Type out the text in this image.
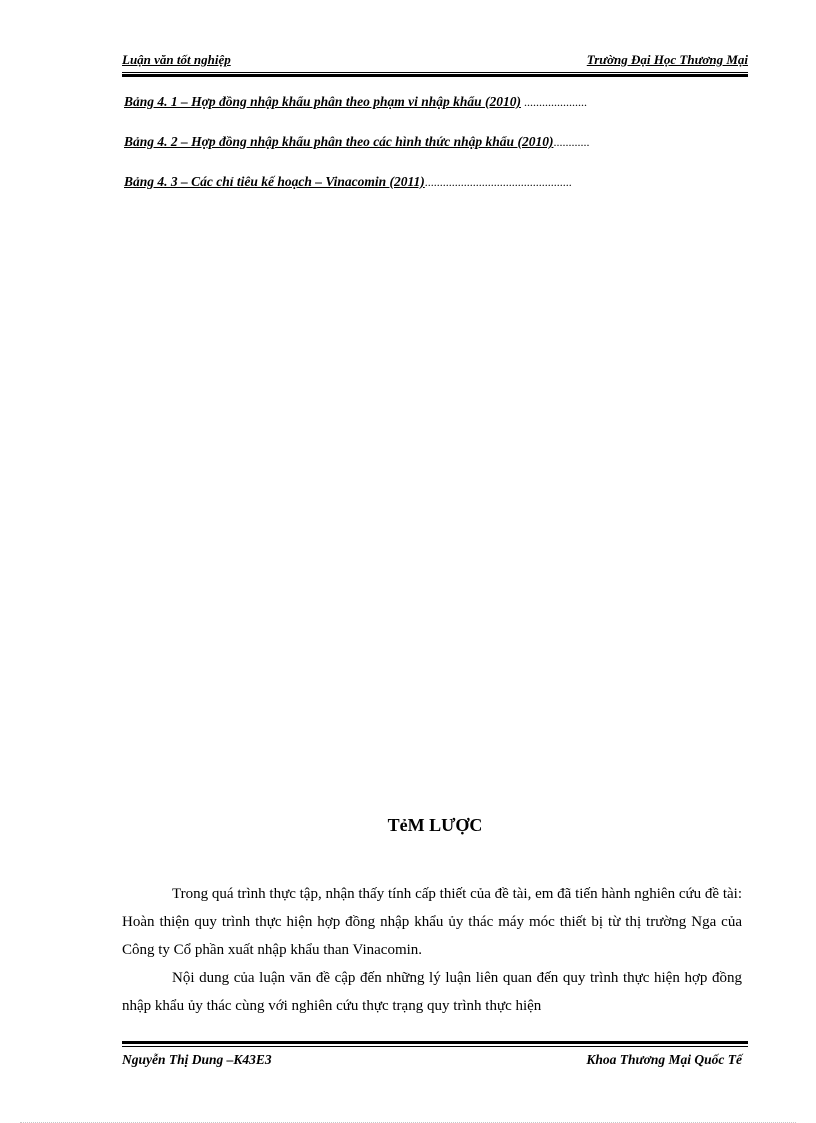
Luận văn tốt nghiệp	Trường Đại Học Thương Mại
Bảng 4. 1 – Hợp đồng nhập khẩu phân theo phạm vi nhập khẩu (2010) .....................
Bảng 4. 2 – Hợp đồng nhập khẩu phân theo các hình thức nhập khẩu (2010)............
Bảng 4. 3 – Các chỉ tiêu kế hoạch – Vinacomin (2011).................................................
TẻM LƯỢC

Trong quá trình thực tập, nhận thấy tính cấp thiết của đề tài, em đã tiến hành nghiên cứu đề tài: Hoàn thiện quy trình thực hiện hợp đồng nhập khẩu ủy thác máy móc thiết bị từ thị trường Nga của Công ty Cổ phần xuất nhập khẩu than Vinacomin.

Nội dung của luận văn đề cập đến những lý luận liên quan đến quy trình thực hiện hợp đồng nhập khẩu ủy thác cùng với nghiên cứu thực trạng quy trình thực hiện

Nguyễn Thị Dung –K43E3	Khoa Thương Mại Quốc Tế
